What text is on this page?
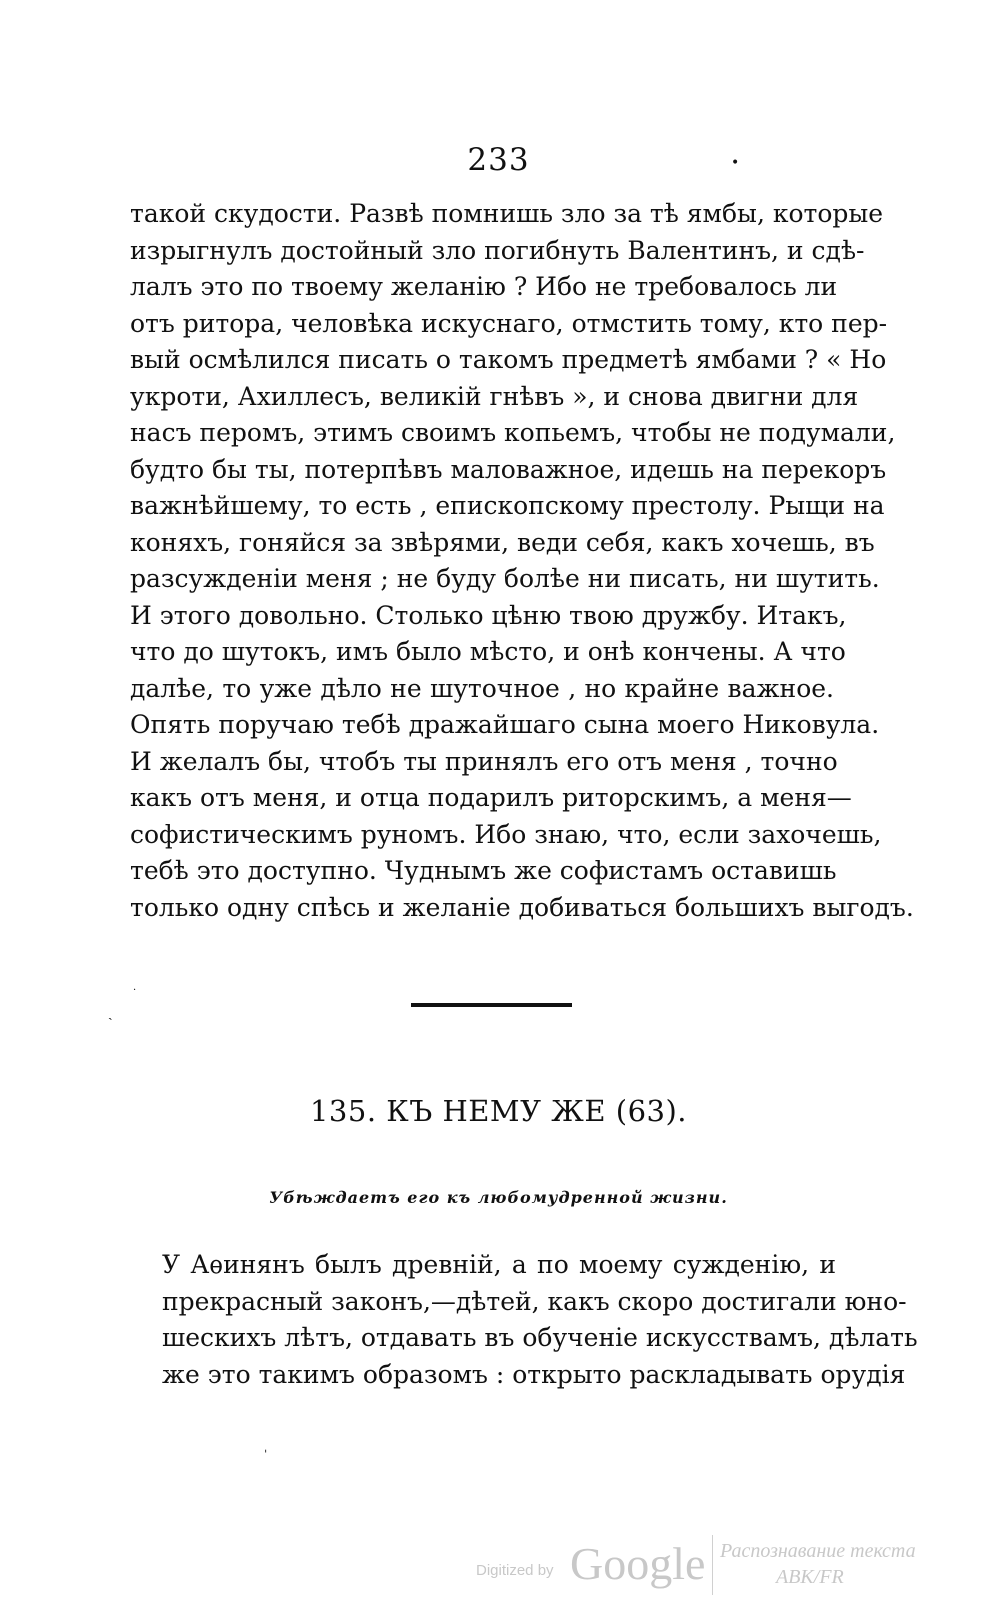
233	•
такой скудости. Развѣ помнишь зло за тѣ ямбы, которые
изрыгнулъ достойный зло погибнуть Валентинъ, и сдѣ-
лалъ это по твоему желанію ? Ибо не требовалось ли
отъ ритора, человѣка искуснаго, отмстить тому, кто пер-
вый осмѣлился писать о такомъ предметѣ ямбами ? « Но
укроти, Ахиллесъ, великій гнѣвъ », и снова двигни для
насъ перомъ, этимъ своимъ копьемъ, чтобы не подумали,
будто бы ты, потерпѣвъ маловажное, идешь на перекоръ
важнѣйшему, то есть , епископскому престолу. Рыщи на
коняхъ, гоняйся за звѣрями, веди себя, какъ хочешь, въ
разсужденіи меня ; не буду болѣе ни писать, ни шутить.
И этого довольно. Столько цѣню твою дружбу. Итакъ,
что до шутокъ, имъ было мѣсто, и онѣ кончены. А что
далѣе, то уже дѣло не шуточное , но крайне важное.
Опять поручаю тебѣ дражайшаго сына моего Никовула.
И желалъ бы, чтобъ ты принялъ его отъ меня , точно
какъ отъ меня, и отца подарилъ риторскимъ, а меня—
софистическимъ руномъ. Ибо знаю, что, если захочешь,
тебѣ это доступно. Чуднымъ же софистамъ оставишь
только одну спѣсь и желаніе добиваться большихъ выгодъ.
·
ˏ
135. КЪ НЕМУ ЖЕ (63).
Убѣждаетъ его къ любомудренной жизни.
У Аѳинянъ былъ древній, а по моему сужденію, и
прекрасный законъ,—дѣтей, какъ скоро достигали юно-
шескихъ лѣтъ, отдавать въ обученіе искусствамъ, дѣлать
же это такимъ образомъ : открыто раскладывать орудія
ˌ
Digitized by Google Распознавание текста
ABK/FR
